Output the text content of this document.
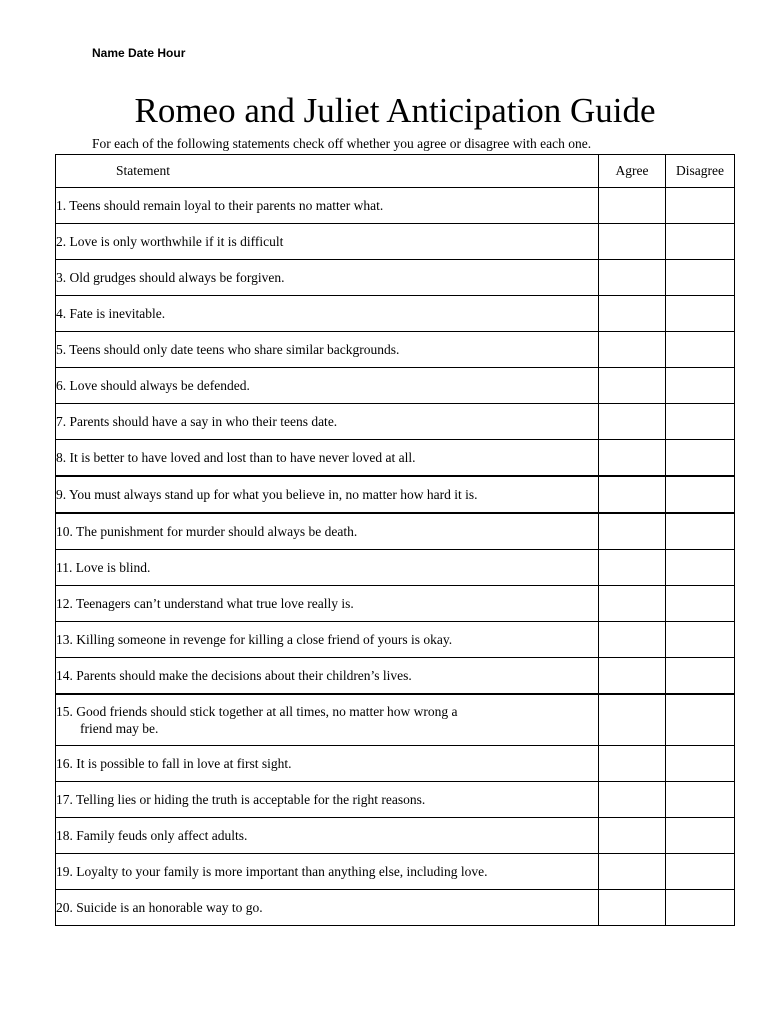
Name Date Hour
Romeo and Juliet Anticipation Guide
For each of the following statements check off whether you agree or disagree with each one.
Statement	Agree	Disagree
1. Teens should remain loyal to their parents no matter what.		
2. Love is only worthwhile if it is difficult		
3. Old grudges should always be forgiven.		
4. Fate is inevitable.		
5. Teens should only date teens who share similar backgrounds.		
6. Love should always be defended.		
7. Parents should have a say in who their teens date.		
8. It is better to have loved and lost than to have never loved at all.		
9. You must always stand up for what you believe in, no matter how hard it is.		
10. The punishment for murder should always be death.		
11. Love is blind.		
12. Teenagers can’t understand what true love really is.		
13. Killing someone in revenge for killing a close friend of yours is okay.		
14. Parents should make the decisions about their children’s lives.		
15. Good friends should stick together at all times, no matter how wrong a
friend may be.		

16. It is possible to fall in love at first sight.		
17. Telling lies or hiding the truth is acceptable for the right reasons.		
18. Family feuds only affect adults.		
19. Loyalty to your family is more important than anything else, including love.		
20. Suicide is an honorable way to go.		
